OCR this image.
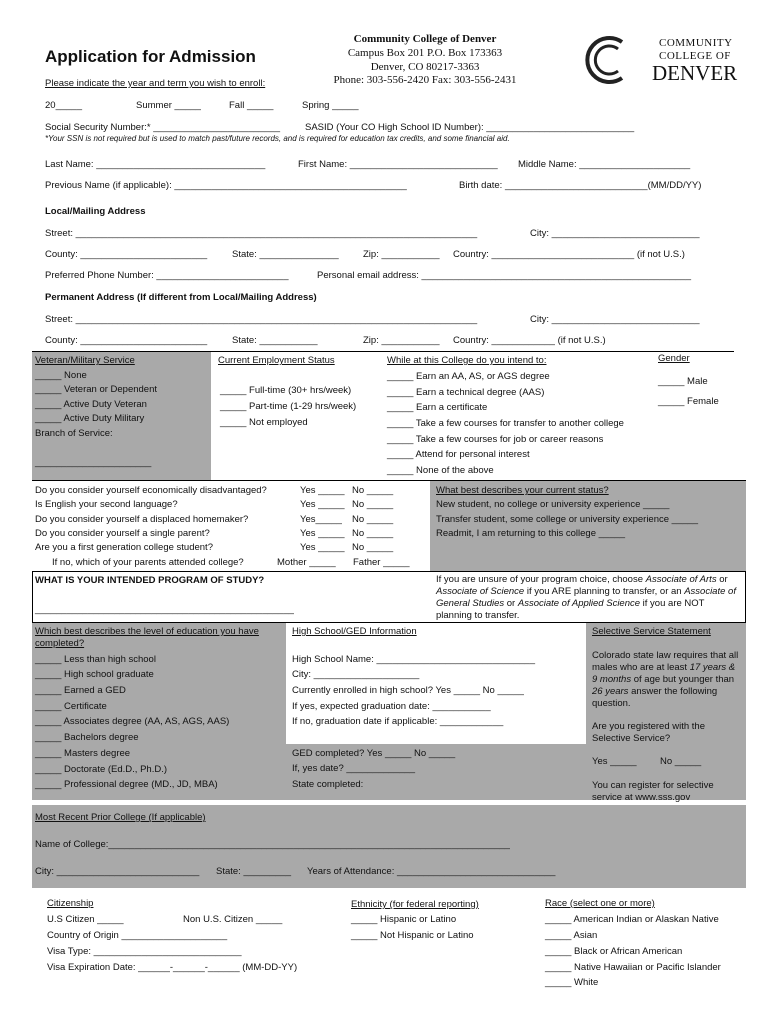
Application for Admission
Please indicate the year and term you wish to enroll:
Community College of Denver
Campus Box 201 P.O. Box 173363
Denver, CO 80217-3363
Phone: 303-556-2420 Fax: 303-556-2431
COMMUNITY
COLLEGE OF
DENVER
20_____	Summer _____	Fall _____	Spring _____
Social Security Number:* ________________________	SASID (Your CO High School ID Number): ____________________________
*Your SSN is not required but is used to match past/future records, and is required for education tax credits, and some financial aid.
Last Name: ________________________________	First Name: ____________________________ Middle Name: _____________________
Previous Name (if applicable): ____________________________________________	Birth date: ___________________________(MM/DD/YY)
Local/Mailing Address
Street: ____________________________________________________________________________	City: ____________________________
County: ________________________	State: _______________	Zip: ___________ Country: ___________________________ (if not U.S.)
Preferred Phone Number: _________________________	Personal email address: ___________________________________________________
Permanent Address (If different from Local/Mailing Address)
Street: ____________________________________________________________________________	City: ____________________________
County: ________________________	State: ___________	Zip: ___________ Country: ____________ (if not U.S.)
Veteran/Military Service
_____ None
_____ Veteran or Dependent
_____ Active Duty Veteran
_____ Active Duty Military
Branch of Service:
______________________
Current Employment Status
_____ Full-time (30+ hrs/week)
_____ Part-time (1-29 hrs/week)
_____ Not employed
While at this College do you intend to:
_____ Earn an AA, AS, or AGS degree
_____ Earn a technical degree (AAS)
_____ Earn a certificate
_____ Take a few courses for transfer to another college
_____ Take a few courses for job or career reasons
_____ Attend for personal interest
_____ None of the above
Gender
_____ Male
_____ Female
Do you consider yourself economically disadvantaged?	Yes _____ No _____
Is English your second language?	Yes _____ No _____
Do you consider yourself a displaced homemaker?	Yes_____ No _____
Do you consider yourself a single parent?	Yes _____ No _____
Are you a first generation college student?	Yes _____ No _____
If no, which of your parents attended college?	Mother _____ Father _____
What best describes your current status?
New student, no college or university experience _____
Transfer student, some college or university experience _____
Readmit, I am returning to this college _____
WHAT IS YOUR INTENDED PROGRAM OF STUDY?
_________________________________________________
If you are unsure of your program choice, choose Associate of Arts or Associate of Science if you ARE planning to transfer, or an Associate of General Studies or Associate of Applied Science if you are NOT planning to transfer.
Which best describes the level of education you have completed?
_____ Less than high school
_____ High school graduate
_____ Earned a GED
_____ Certificate
_____ Associates degree (AA, AS, AGS, AAS)
_____ Bachelors degree
_____ Masters degree
_____ Doctorate (Ed.D., Ph.D.)
_____ Professional degree (MD., JD, MBA)
High School/GED Information
High School Name: ______________________________
City: ____________________
Currently enrolled in high school? Yes _____ No _____
If yes, expected graduation date: ___________
If no, graduation date if applicable: ____________
GED completed? Yes _____ No _____
If, yes date? _____________
State completed:
Selective Service Statement
Colorado state law requires that all males who are at least 17 years & 9 months of age but younger than 26 years answer the following question.
Are you registered with the Selective Service?
Yes _____ No _____
You can register for selective service at www.sss.gov
Most Recent Prior College (If applicable)
Name of College:____________________________________________________________________________
City: ___________________________ State: _________ Years of Attendance: ______________________________
Citizenship
U.S Citizen _____	Non U.S. Citizen _____
Country of Origin ____________________
Visa Type: ____________________________
Visa Expiration Date: ______-______-______ (MM-DD-YY)
Ethnicity (for federal reporting)
_____ Hispanic or Latino
_____ Not Hispanic or Latino
Race (select one or more)
_____ American Indian or Alaskan Native
_____ Asian
_____ Black or African American
_____ Native Hawaiian or Pacific Islander
_____ White
